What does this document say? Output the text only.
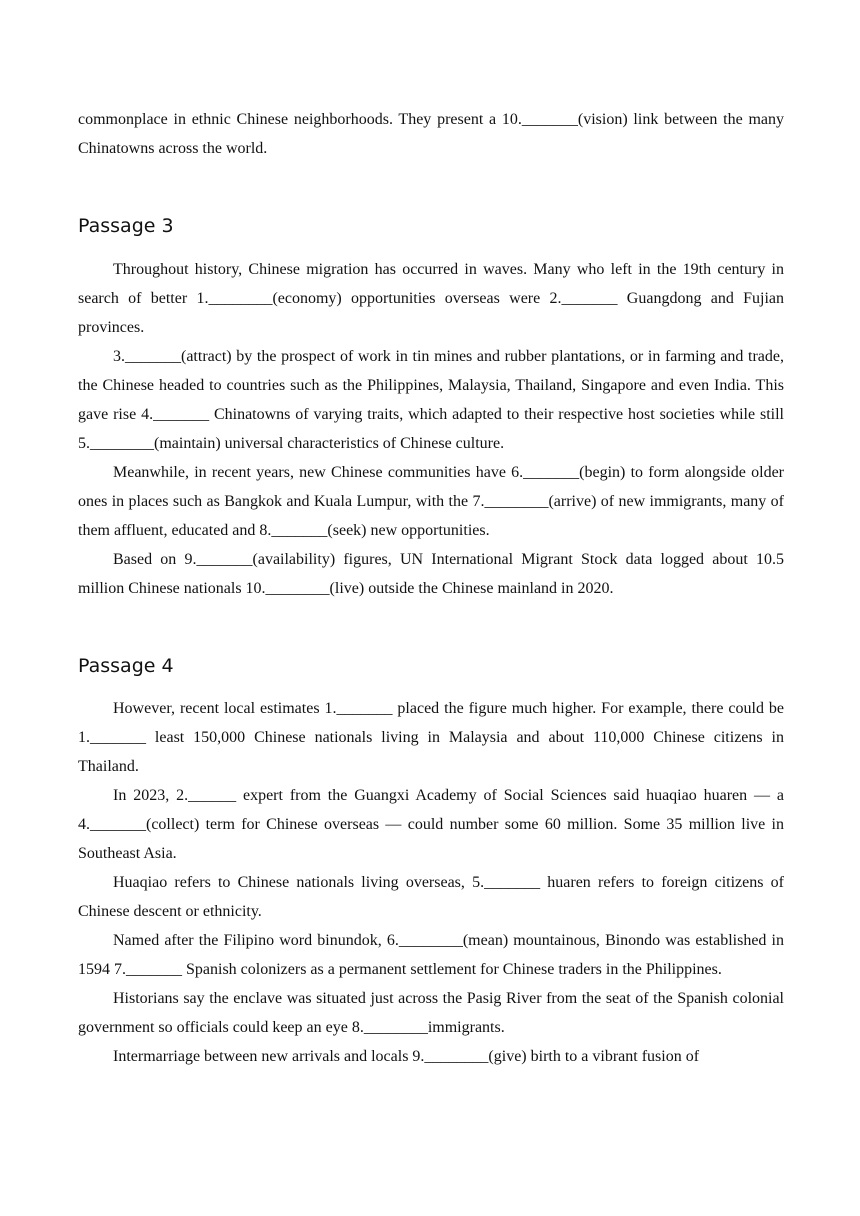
commonplace in ethnic Chinese neighborhoods. They present a 10._______(vision) link between the many Chinatowns across the world.

Passage 3

Throughout history, Chinese migration has occurred in waves. Many who left in the 19th century in search of better 1.________(economy) opportunities overseas were 2._______ Guangdong and Fujian provinces.

3._______(attract) by the prospect of work in tin mines and rubber plantations, or in farming and trade, the Chinese headed to countries such as the Philippines, Malaysia, Thailand, Singapore and even India. This gave rise 4._______ Chinatowns of varying traits, which adapted to their respective host societies while still 5.________(maintain) universal characteristics of Chinese culture.

Meanwhile, in recent years, new Chinese communities have 6._______(begin) to form alongside older ones in places such as Bangkok and Kuala Lumpur, with the 7.________(arrive) of new immigrants, many of them affluent, educated and 8._______(seek) new opportunities.

Based on 9._______(availability) figures, UN International Migrant Stock data logged about 10.5 million Chinese nationals 10.________(live) outside the Chinese mainland in 2020.

Passage 4

However, recent local estimates 1._______ placed the figure much higher. For example, there could be 1._______ least 150,000 Chinese nationals living in Malaysia and about 110,000 Chinese citizens in Thailand.

In 2023, 2.______ expert from the Guangxi Academy of Social Sciences said huaqiao huaren — a 4._______(collect) term for Chinese overseas — could number some 60 million. Some 35 million live in Southeast Asia.

Huaqiao refers to Chinese nationals living overseas, 5._______ huaren refers to foreign citizens of Chinese descent or ethnicity.

Named after the Filipino word binundok, 6.________(mean) mountainous, Binondo was established in 1594 7._______ Spanish colonizers as a permanent settlement for Chinese traders in the Philippines.

Historians say the enclave was situated just across the Pasig River from the seat of the Spanish colonial government so officials could keep an eye 8.________immigrants.

Intermarriage between new arrivals and locals 9.________(give) birth to a vibrant fusion of
